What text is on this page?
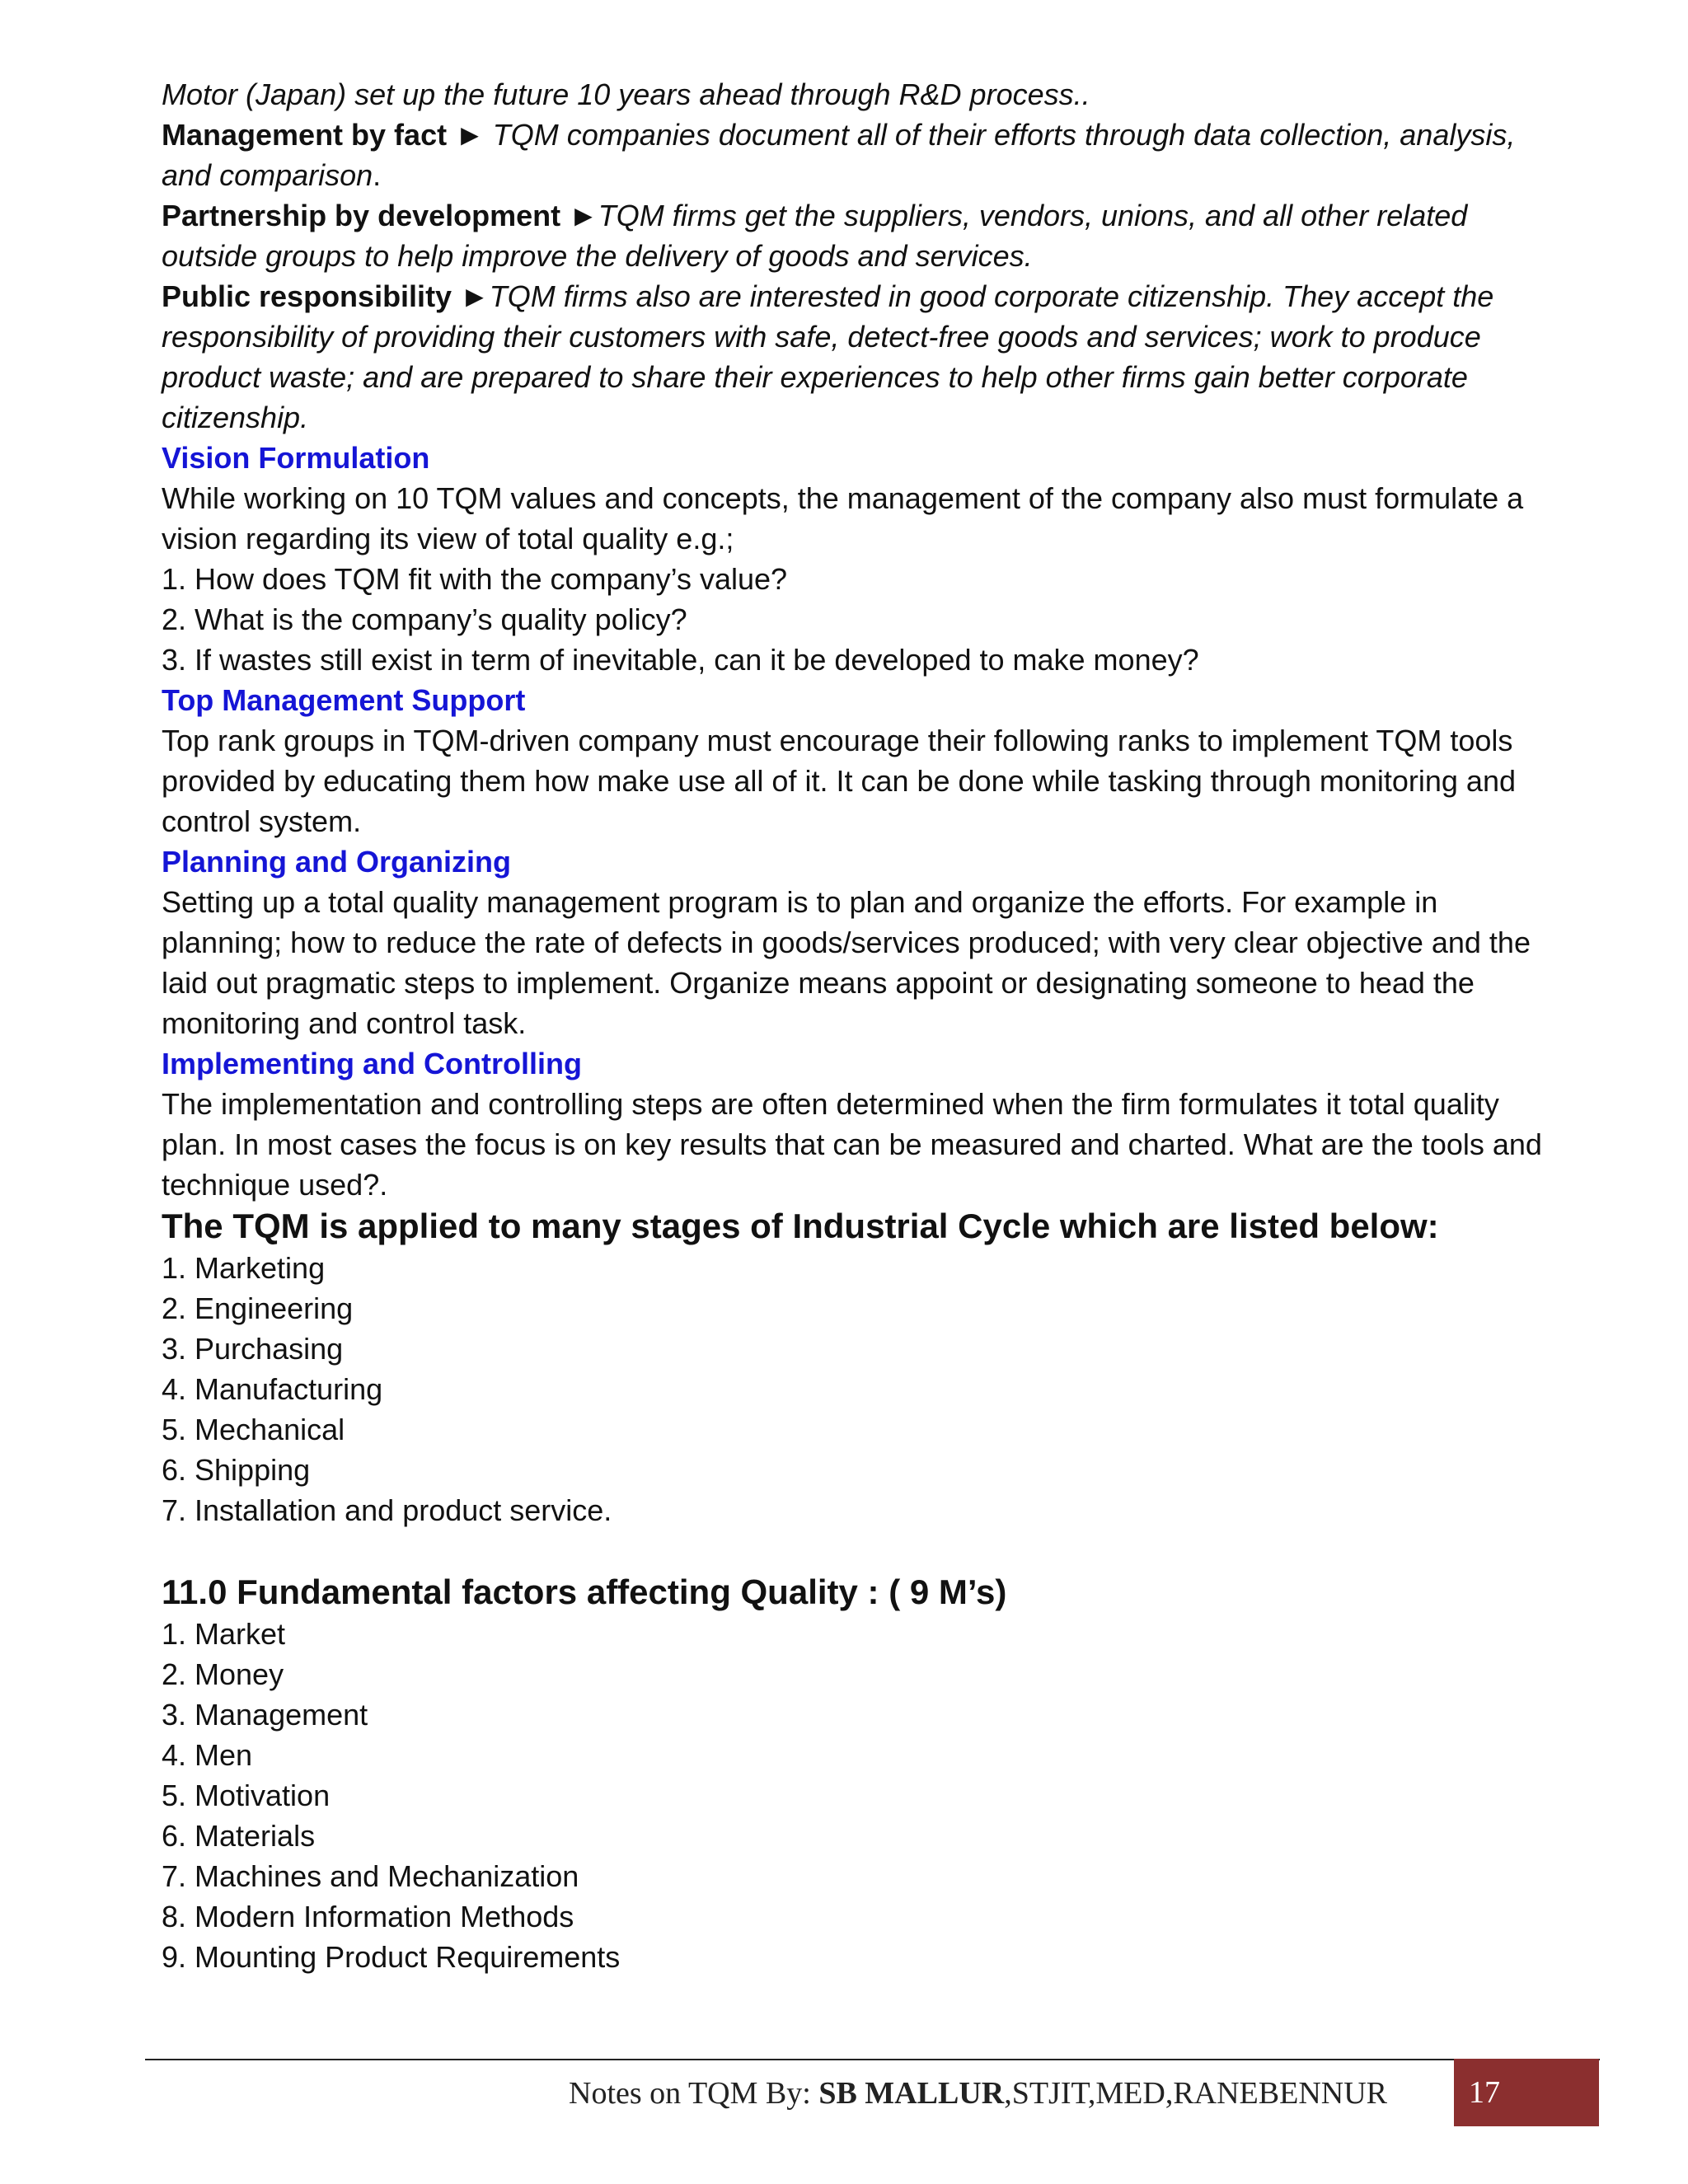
Motor (Japan) set up the future 10 years ahead through R&D process..

Management by fact ► TQM companies document all of their efforts through data collection, analysis, and comparison.

Partnership by development ►TQM firms get the suppliers, vendors, unions, and all other related outside groups to help improve the delivery of goods and services.

Public responsibility ►TQM firms also are interested in good corporate citizenship. They accept the responsibility of providing their customers with safe, detect-free goods and services; work to produce product waste; and are prepared to share their experiences to help other firms gain better corporate citizenship.

Vision Formulation

While working on 10 TQM values and concepts, the management of the company also must formulate a vision regarding its view of total quality e.g.;

1. How does TQM fit with the company’s value?
2. What is the company’s quality policy?
3. If wastes still exist in term of inevitable, can it be developed to make money?

Top Management Support

Top rank groups in TQM-driven company must encourage their following ranks to implement TQM tools provided by educating them how make use all of it. It can be done while tasking through monitoring and control system.

Planning and Organizing

Setting up a total quality management program is to plan and organize the efforts. For example in planning; how to reduce the rate of defects in goods/services produced; with very clear objective and the laid out pragmatic steps to implement. Organize means appoint or designating someone to head the monitoring and control task.

Implementing and Controlling

The implementation and controlling steps are often determined when the firm formulates it total quality plan. In most cases the focus is on key results that can be measured and charted. What are the tools and technique used?.

The TQM is applied to many stages of Industrial Cycle which are listed below:

1. Marketing
2. Engineering
3. Purchasing
4. Manufacturing
5. Mechanical
6. Shipping
7. Installation and product service.

11.0 Fundamental factors affecting Quality : ( 9 M’s)

1. Market
2. Money
3. Management
4. Men
5. Motivation
6. Materials
7. Machines and Mechanization
8. Modern Information Methods
9. Mounting Product Requirements
Notes on TQM By: SB MALLUR,STJIT,MED,RANEBENNUR	17
